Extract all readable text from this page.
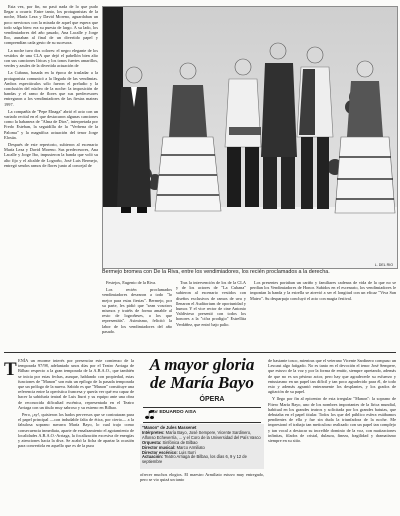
Esta vez, por fin, no pasó nada de lo que pudo llegar a ocurrir. Entre tanto, los protagonistas de la noche, María Leza y David Moreno, aguardaban un poco nerviosos con la mirada de aquel que espera que todo salga bien: era su puesta de largo. A su lado, los vendimiadores del año pasado, Ana Lacalle y Jorge Ibo, aunaban al final de un divertido papel y comprendían cada gesto de su sucesora.

La noche tuvo dos colores: el negro elegante de los vestidos de una CLA que dejó el pabellón bien alto con sus canciones líricas y los tonos fuertes amarillos, verdes y azules de la divertida actuación de

La Cubana, basada en la época de trasladar a la protagonista comunicó a la llegada de las vendimias. Ambos espectáculos sólo fueron el preludio y la conclusión del núcleo de la noche: la imposición de bandas y el ramo de flores que sus predecesores entregaron a los vendimiadores de las fiestas mateas 1997.

La compañía de "Pepe Elnaga" abrió el acto con un variado recital en el que destacaron algunas canciones como la habanera de "Alma de Dios", interpretada por Fredo Esteban, la seguidilla de la "Verbena de la Paloma" y la magnífica actuación del tenor Jorge Elosúa.

Después de este repertorio, subieron al escenario María Leza y David Moreno. Sus predecesores, Ana Lacalle y Jorge Ibo, impusieron la banda que voló su alto fijo y el alcalde de Logroño, José Luis Bermejo, entregó sendos ramos de flores junto al concejal de

L. DEL RIO
Bermejo bromea con De la Riva, entre los vendimiadores, los recién proclamados a la derecha.

Festejos, Eugenio de la Riva.

Los recién proclamados vendimiadores desearon a todo "lo mejor para estas fiestas". Bermejo, por su parte, les pidió que "sean vosotros mismos y tratéis de forma amable al resto de logroñeses, a los que representáis". Asimismo, felicitó la labor de los vendimiadores del año pasado.

Tras la intervención de los de la CLA y de los actores de "La Cubana" subieron al escenario vestidos con diseños exclusivos de ramos de uva y llenaron el Auditorium de oportunidad y humor. Y el vice rector de cine Antonio Valdivieso presentó con todos los honores a la "cifra prodigio" Estrellita Verdáñez, que entró bajo palio.

Los presentes portaban un cariño y familiares cadenas de vida de la que no se perdían los Vendimiadores de Honor. Subidos en el escenario, los vendimiadores le imponían la banda y la estrella se atrevió a ser el longitud con un eficaz "Viva San Mateo". Su desparpajo concluyó el acto con magia festival.

A mayor gloria de María Bayo
ÓPERA
Por EDUARDO AISA
"Manon" de Jules Massenet
Intérpretes: María Bayo, José Sempere, Vicente Sardinero, Alfonso Echeverría, ... y el Coro de la Universidad del País Vasco
Orquesta: Sinfónica de Bilbao
Director musical: Marco Armiliato
Director escénico: Luis Iturri
Actuación: Teatro Arriaga de Bilbao, los días 6, 9 y 12 de septiembre
T ENÍA un enorme interés por presenciar este comienzo de la temporada 97/98, adelantado unos días por el Teatro Arriaga de Bilbao respecto a la gran temporada de la A.B.A.O., que también se inicia por estas fechas, aunque, hablando con propiedad, estas funciones de "Manon" son más un epílogo de la pasada temporada que un prólogo de la nueva. Sabido es que "Manon" constituye una referencia entre la operística francesa y quería ver qué era capaz de hacer la sabiduría teatral de Luis Iturri y su equipo ante una obra de reconocida dificultad escénica, representada en el Teatro Arriaga con un título muy sabroso y su estreno en Bilbao.

Pero, ¡ay!, quisieron los hados perversos que se contrataran para el papel principal —con indudable falta de ética, por cierto— a la fabulosa soprano navarra María Bayo, lo cual trajo como consecuencia inmediata, aparte de ensalzamiento el agotamiento de localidades A.B.A.O.-Arriaga, la focalización excesiva de energías y atenciones hacia la diva. Se acabó la ficha de apartar la ocasión para convertirla en aquello que es de la pura

ofrecer muchos elogios. El maestro Armiliato estuvo muy entregado, pero se vio quizá un tanto

de bastante tosco, mientras que el veterano Vicente Sardinero compuso un Lescaut algo fatigado. No es tanto en el devoción el tenor José Sempere, que estuvo de la voz y por la forma de emitir, siempre apretando, además de que no es un pésimo actor, pero hay que agradecerle su esfuerzo y entusiasmo en un papel tan difícil y tan poco agradecido para él, de todo esto y además agrantó enteramente los desplantes, y los grados de agitación de su papel.

Y llego por fin al epicentro de esta irregular "Manon": la soprano de Fitero María Bayo, uno de los nombres importantes de la lírica mundial, habitual en los grandes teatros y solicitada por los grandes batutas, que debutaba en el papel titular. Todos los que del público esfera estábamos pendientes de ella y fue sin duda la triunfadora de la noche. Me impresionó el trabajo tan meticuloso realizado con un papel tan complejo y tan vocal a destacar su increíble dominio de la voz, con matizaciones infinitas, filados de cristal, dulzura, fineza, fragilidad y dramatismo siempre en su sitio.
